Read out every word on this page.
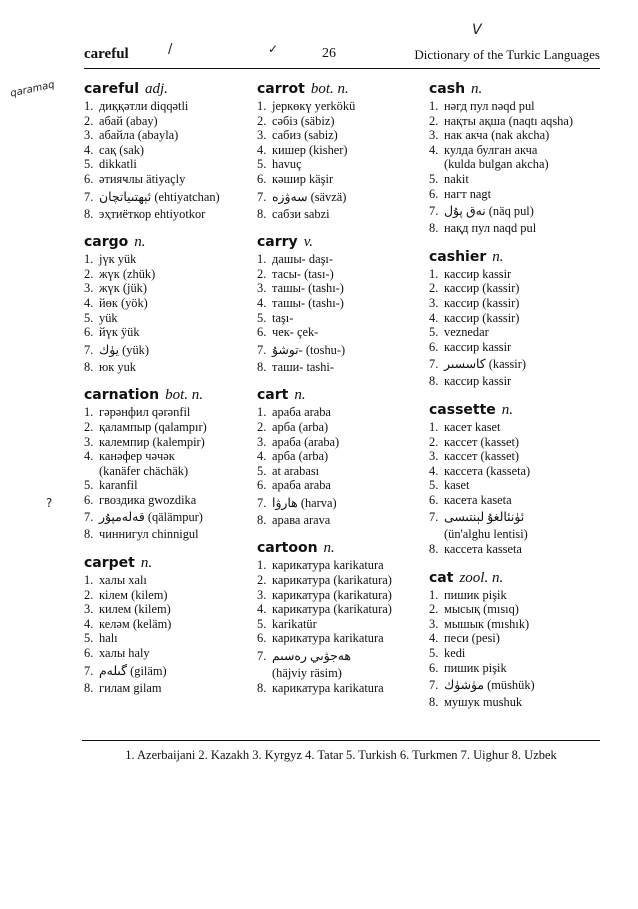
careful	26	Dictionary of the Turkic Languages
V
✓
/
qaramaq
?
careful adj.
1. диққәтли diqqətli
2. абай (abay)
3. абайла (abayla)
4. сақ (sak)
5. dikkatli
6. әтияҹлы ätiyaçly
7. ئېھتىياتچان (ehtiyatchan)
8. эҳтиёткор ehtiyotkor
cargo n.
1. јүк yük
2. жүк (zhük)
3. жүк (jük)
4. йөк (yök)
5. yük
6. йүк ÿük
7. يۈك (yük)
8. юк yuk
carnation bot. n.
1. гәрәнфил qərənfil
2. қалампыр (qalampır)
3. калемпир (kalempir)
4. канәфер чәчәк
(kanäfer chächäk)
5. karanfil
6. гвоздика gwozdika
7. قەلەمپۇر (qälämpur)
8. чиннигул chinnigul
carpet n.
1. халы xalı
2. кілем (kilem)
3. килем (kilem)
4. келәм (keläm)
5. halı
6. халы haly
7. گىلەم (giläm)
8. гилам gilam
carrot bot. n.
1. јеркөкү yerkökü
2. сәбіз (säbiz)
3. сабиз (sabiz)
4. кишер (kisher)
5. havuç
6. кәшир käşir
7. سەۋزە (sävzä)
8. сабзи sabzi
carry v.
1. дашы- daşı-
2. тасы- (tası-)
3. ташы- (tashı-)
4. ташы- (tashı-)
5. taşı-
6. чек- çek-
7. توشۇ- (toshu-)
8. таши- tashi-
cart n.
1. араба araba
2. арба (arba)
3. араба (araba)
4. арба (arba)
5. at arabası
6. араба araba
7. ھارۋا (harva)
8. арава arava
cartoon n.
1. карикатура karikatura
2. карикатура (karikatura)
3. карикатура (karikatura)
4. карикатура (karikatura)
5. karikatür
6. карикатура karikatura
7. ھەجۋىي رەسىم
(häjviy räsim)
8. карикатура karikatura
cash n.
1. нәгд пул nəqd pul
2. нақты ақша (naqtı aqsha)
3. нак акча (nak akcha)
4. кулда булган акча
(kulda bulgan akcha)
5. nakit
6. нагт nagt
7. نەق پۇل (näq pul)
8. нақд пул naqd pul
cashier n.
1. кассир kassir
2. кассир (kassir)
3. кассир (kassir)
4. кассир (kassir)
5. veznedar
6. кассир kassir
7. كاسسىر (kassir)
8. кассир kassir
cassette n.
1. касет kaset
2. кассет (kasset)
3. кассет (kasset)
4. кассета (kasseta)
5. kaset
6. касета kaseta
7. ئۈنئالغۇ لېنتىسى
(ün'alghu lentisi)
8. кассета kasseta
cat zool. n.
1. пишик pişik
2. мысық (mısıq)
3. мышык (mıshık)
4. песи (pesi)
5. kedi
6. пишик pişik
7. مۈشۈك (müshük)
8. мушук mushuk
1. Azerbaijani 2. Kazakh 3. Kyrgyz 4. Tatar 5. Turkish 6. Turkmen 7. Uighur 8. Uzbek
